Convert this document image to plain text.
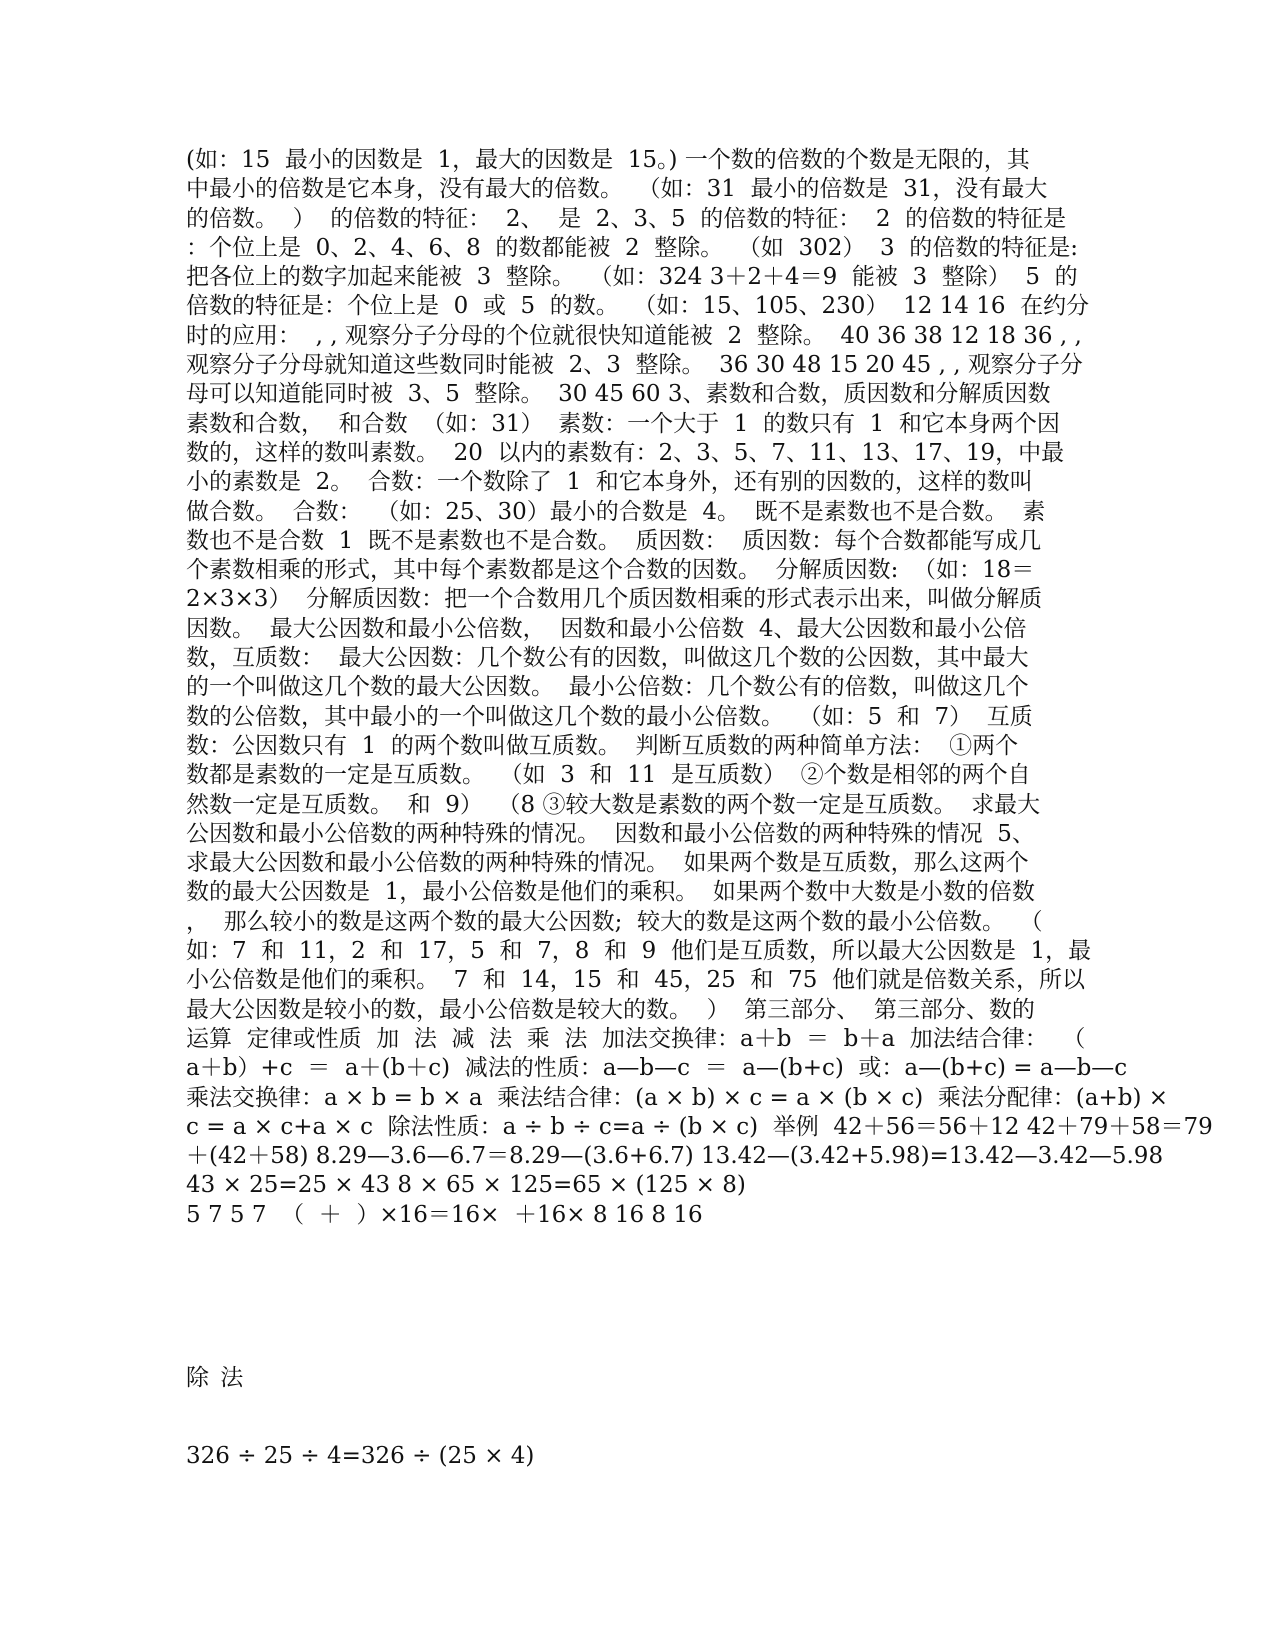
(如：15  最小的因数是  1，最大的因数是  15。) 一个数的倍数的个数是无限的，其
中最小的倍数是它本身，没有最大的倍数。  （如：31  最小的倍数是  31，没有最大
的倍数。  ）  的倍数的特征：  2、  是  2、3、5  的倍数的特征：  2  的倍数的特征是
：个位上是  0、2、4、6、8  的数都能被  2  整除。  （如  302）  3  的倍数的特征是:
把各位上的数字加起来能被  3  整除。  （如：324 3＋2＋4＝9  能被  3  整除）  5  的
倍数的特征是：个位上是  0  或  5  的数。  （如：15、105、230）  12 14 16  在约分
时的应用：  , , 观察分子分母的个位就很快知道能被  2  整除。  40 36 38 12 18 36 , ,
观察分子分母就知道这些数同时能被  2、3  整除。  36 30 48 15 20 45 , , 观察分子分
母可以知道能同时被  3、5  整除。  30 45 60 3、素数和合数，质因数和分解质因数
素数和合数，  和合数  （如：31）  素数：一个大于  1  的数只有  1  和它本身两个因
数的，这样的数叫素数。  20  以内的素数有：2、3、5、7、11、13、17、19，中最
小的素数是  2。  合数：一个数除了  1  和它本身外，还有别的因数的，这样的数叫
做合数。  合数：  （如：25、30）最小的合数是  4。  既不是素数也不是合数。  素
数也不是合数  1  既不是素数也不是合数。  质因数：  质因数：每个合数都能写成几
个素数相乘的形式，其中每个素数都是这个合数的因数。  分解质因数:  （如：18＝
2×3×3）  分解质因数：把一个合数用几个质因数相乘的形式表示出来，叫做分解质
因数。  最大公因数和最小公倍数，  因数和最小公倍数  4、最大公因数和最小公倍
数，互质数：  最大公因数：几个数公有的因数，叫做这几个数的公因数，其中最大
的一个叫做这几个数的最大公因数。  最小公倍数：几个数公有的倍数，叫做这几个
数的公倍数，其中最小的一个叫做这几个数的最小公倍数。  （如：5  和  7）  互质
数：公因数只有  1  的两个数叫做互质数。  判断互质数的两种简单方法：  ①两个
数都是素数的一定是互质数。  （如  3  和  11  是互质数）  ②个数是相邻的两个自
然数一定是互质数。  和  9）  （8 ③较大数是素数的两个数一定是互质数。  求最大
公因数和最小公倍数的两种特殊的情况。  因数和最小公倍数的两种特殊的情况  5、
求最大公因数和最小公倍数的两种特殊的情况。  如果两个数是互质数，那么这两个
数的最大公因数是  1，最小公倍数是他们的乘积。  如果两个数中大数是小数的倍数
，  那么较小的数是这两个数的最大公因数;  较大的数是这两个数的最小公倍数。  （
如：7  和  11，2  和  17，5  和  7，8  和  9  他们是互质数，所以最大公因数是  1，最
小公倍数是他们的乘积。  7  和  14，15  和  45，25  和  75  他们就是倍数关系，所以
最大公因数是较小的数，最小公倍数是较大的数。  ）  第三部分、  第三部分、数的
运算  定律或性质  加  法  减  法  乘  法  加法交换律：a＋b  ＝  b＋a  加法结合律：  （
a＋b）+c  ＝  a＋(b＋c)  减法的性质：a—b—c  ＝  a—(b+c)  或：a—(b+c) = a—b—c
乘法交换律：a × b = b × a  乘法结合律：(a × b) × c = a × (b × c)  乘法分配律：(a+b) ×
c = a × c+a × c  除法性质：a ÷ b ÷ c=a ÷ (b × c)  举例  42＋56＝56＋12 42＋79＋58＝79
＋(42＋58) 8.29—3.6—6.7＝8.29—(3.6+6.7) 13.42—(3.42+5.98)=13.42—3.42—5.98
43 × 25=25 × 43 8 × 65 × 125=65 × (125 × 8)
5 7 5 7  （  ＋  ）×16＝16×  ＋16× 8 16 8 16
除 法
326 ÷ 25 ÷ 4=326 ÷ (25 × 4)
